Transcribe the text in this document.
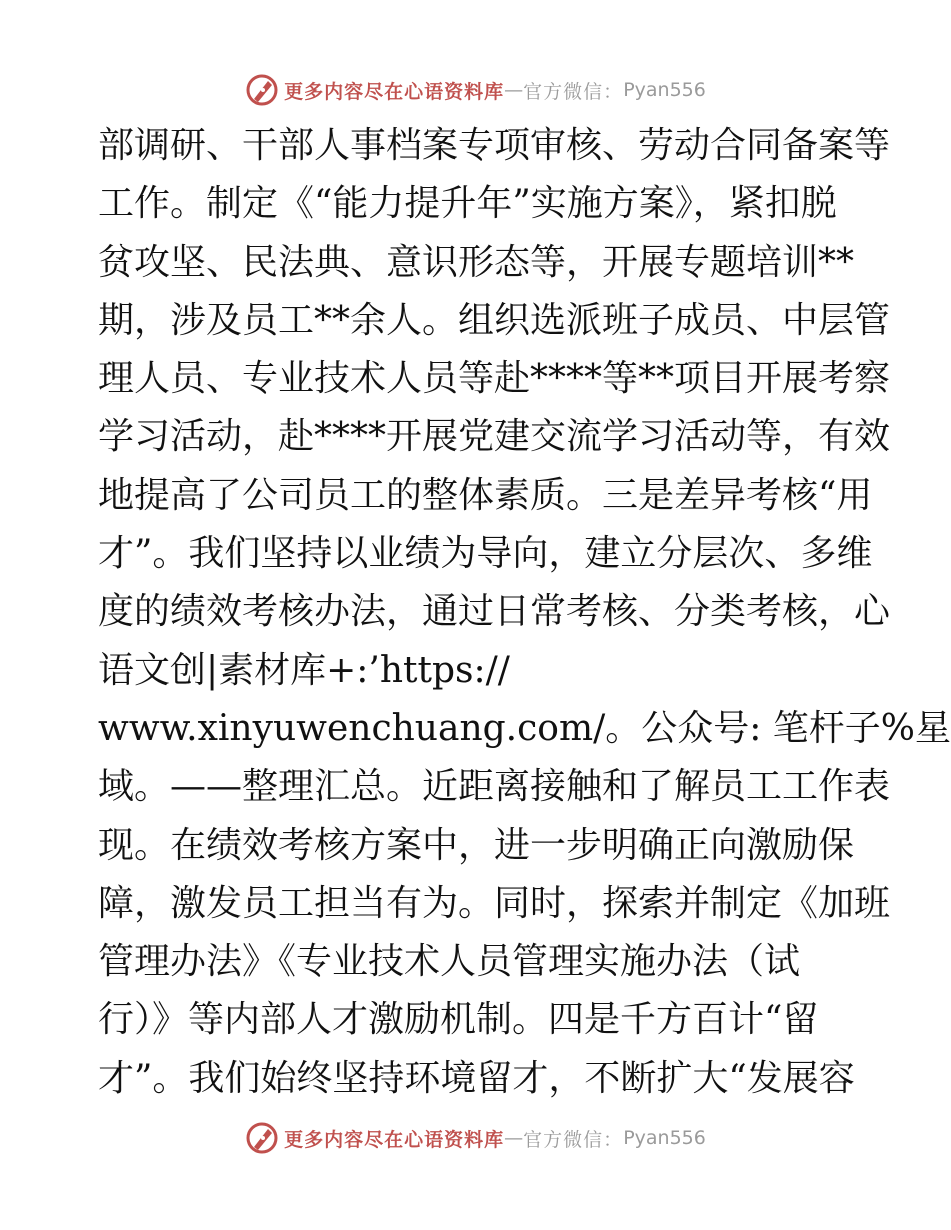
更多内容尽在心语资料库 — 官方微信： Pyan556
部调研、干部人事档案专项审核、劳动合同备案等
工作。制定《“能力提升年”实施方案》，紧扣脱
贫攻坚、民法典、意识形态等，开展专题培训**
期，涉及员工**余人。组织选派班子成员、中层管
理人员、专业技术人员等赴****等**项目开展考察
学习活动，赴****开展党建交流学习活动等，有效
地提高了公司员工的整体素质。三是差异考核“用
才”。我们坚持以业绩为导向，建立分层次、多维
度的绩效考核办法，通过日常考核、分类考核，心
语文创|素材库+:’https://
www.xinyuwenchuang.com/。公众号: 笔杆子%星
域。——整理汇总。近距离接触和了解员工工作表
现。在绩效考核方案中，进一步明确正向激励保
障，激发员工担当有为。同时，探索并制定《加班
管理办法》《专业技术人员管理实施办法（试
行）》等内部人才激励机制。四是千方百计“留
才”。我们始终坚持环境留才，不断扩大“发展容
更多内容尽在心语资料库 — 官方微信： Pyan556
